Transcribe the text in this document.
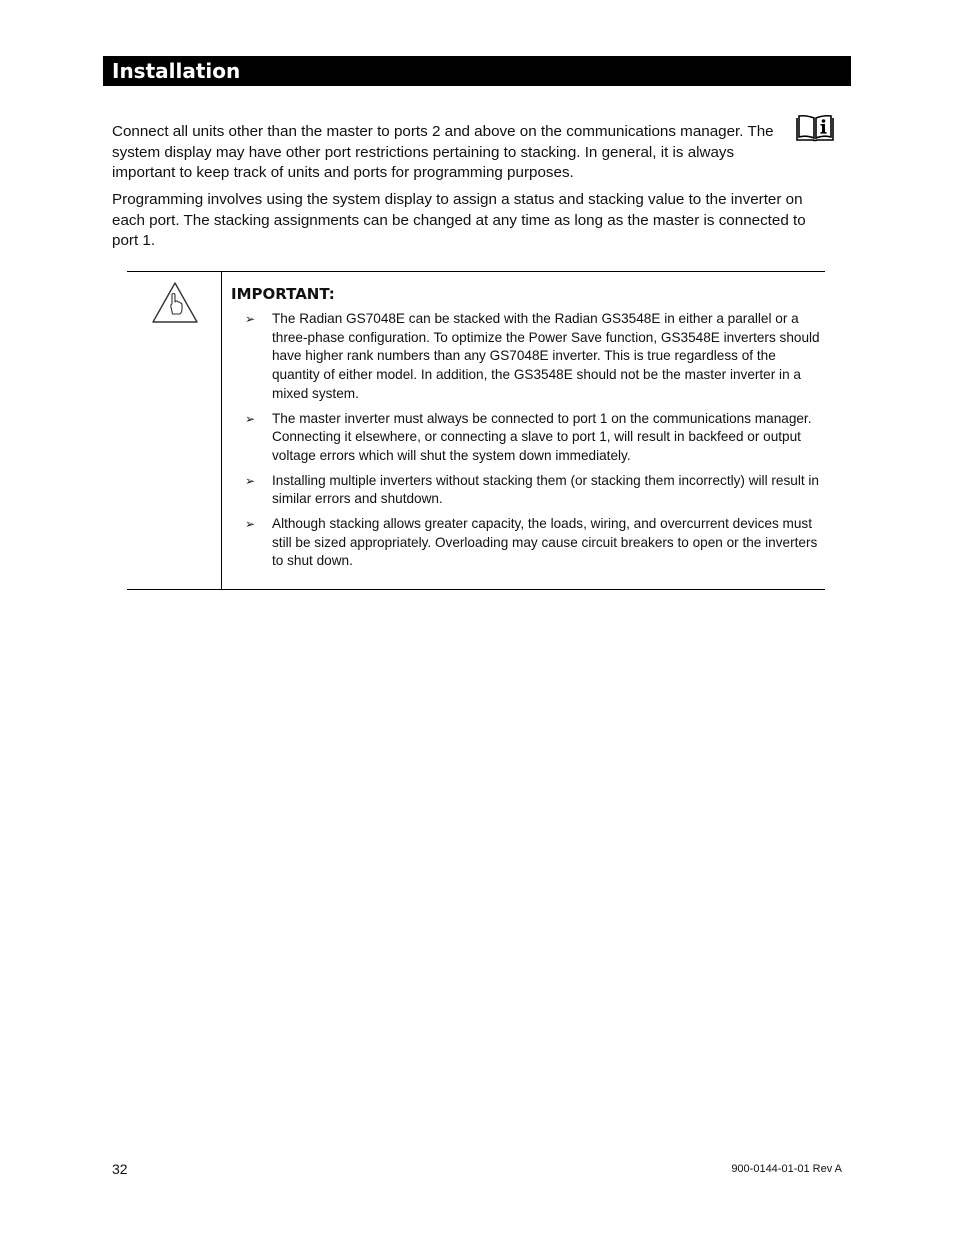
Installation

Connect all units other than the master to ports 2 and above on the communications manager. The system display may have other port restrictions pertaining to stacking. In general, it is always important to keep track of units and ports for programming purposes.

Programming involves using the system display to assign a status and stacking value to the inverter on each port. The stacking assignments can be changed at any time as long as the master is connected to port 1.

IMPORTANT:

➢ The Radian GS7048E can be stacked with the Radian GS3548E in either a parallel or a three-phase configuration. To optimize the Power Save function, GS3548E inverters should have higher rank numbers than any GS7048E inverter. This is true regardless of the quantity of either model. In addition, the GS3548E should not be the master inverter in a mixed system.
➢ The master inverter must always be connected to port 1 on the communications manager. Connecting it elsewhere, or connecting a slave to port 1, will result in backfeed or output voltage errors which will shut the system down immediately.
➢ Installing multiple inverters without stacking them (or stacking them incorrectly) will result in similar errors and shutdown.
➢ Although stacking allows greater capacity, the loads, wiring, and overcurrent devices must still be sized appropriately. Overloading may cause circuit breakers to open or the inverters to shut down.
32	900-0144-01-01 Rev A
